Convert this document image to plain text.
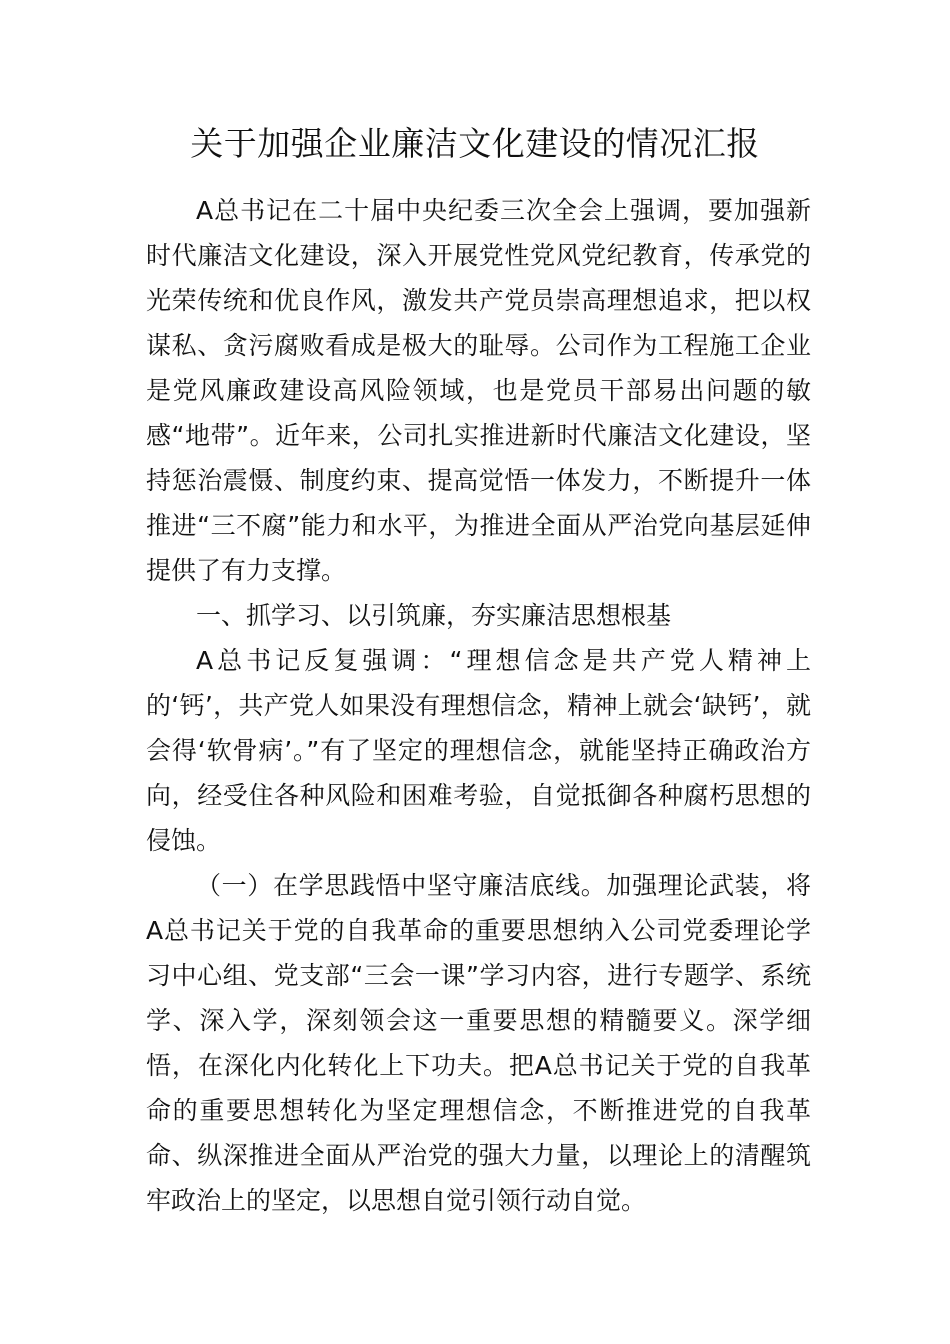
关于加强企业廉洁文化建设的情况汇报

A总书记在二十届中央纪委三次全会上强调，要加强新时代廉洁文化建设，深入开展党性党风党纪教育，传承党的光荣传统和优良作风，激发共产党员崇高理想追求，把以权谋私、贪污腐败看成是极大的耻辱。公司作为工程施工企业是党风廉政建设高风险领域，也是党员干部易出问题的敏感“地带”。近年来，公司扎实推进新时代廉洁文化建设，坚持惩治震慑、制度约束、提高觉悟一体发力，不断提升一体推进“三不腐”能力和水平，为推进全面从严治党向基层延伸提供了有力支撑。

一、抓学习、以引筑廉，夯实廉洁思想根基

A总书记反复强调：“理想信念是共产党人精神上的‘钙’，共产党人如果没有理想信念，精神上就会‘缺钙’，就会得‘软骨病’。”有了坚定的理想信念，就能坚持正确政治方向，经受住各种风险和困难考验，自觉抵御各种腐朽思想的侵蚀。

（一）在学思践悟中坚守廉洁底线。加强理论武装，将A总书记关于党的自我革命的重要思想纳入公司党委理论学习中心组、党支部“三会一课”学习内容，进行专题学、系统学、深入学，深刻领会这一重要思想的精髓要义。深学细悟，在深化内化转化上下功夫。把A总书记关于党的自我革命的重要思想转化为坚定理想信念，不断推进党的自我革命、纵深推进全面从严治党的强大力量，以理论上的清醒筑牢政治上的坚定，以思想自觉引领行动自觉。
